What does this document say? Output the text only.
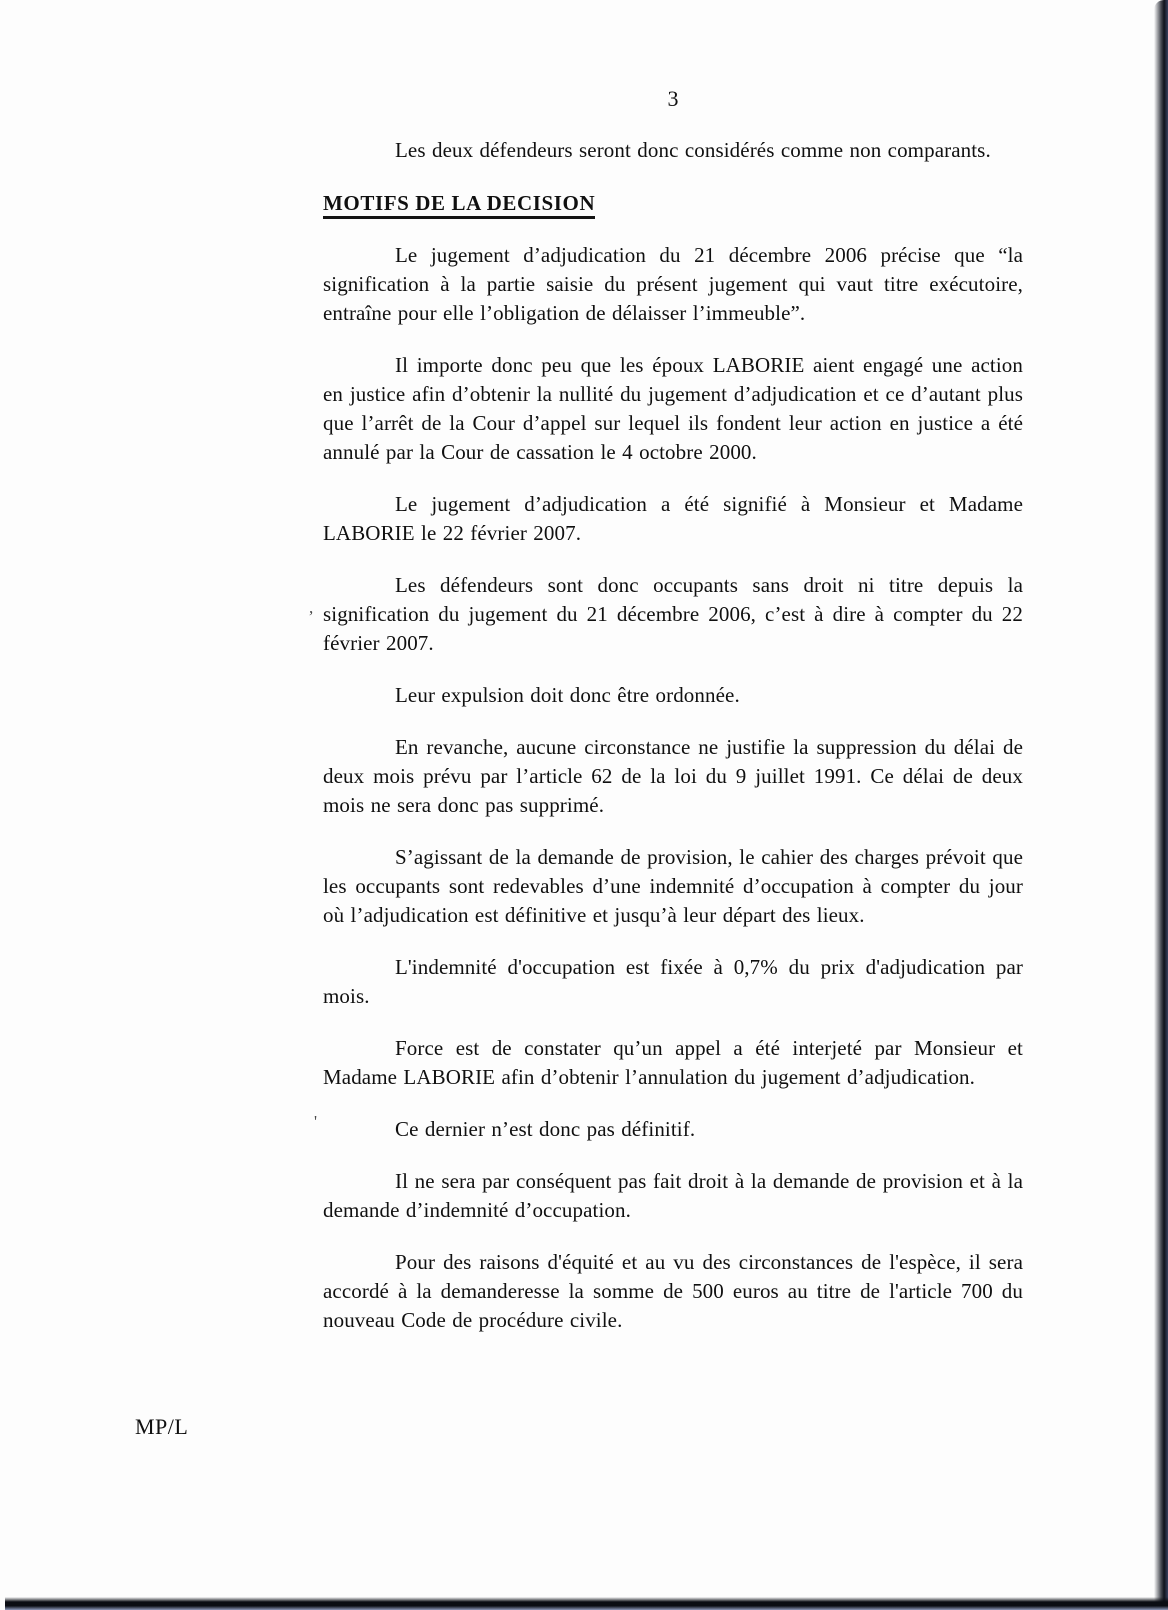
3

Les deux défendeurs seront donc considérés comme non comparants.

MOTIFS DE LA DECISION

Le jugement d’adjudication du 21 décembre 2006 précise que “la signification à la partie saisie du présent jugement qui vaut titre exécutoire, entraîne pour elle l’obligation de délaisser l’immeuble”.

Il importe donc peu que les époux LABORIE aient engagé une action en justice afin d’obtenir la nullité du jugement d’adjudication et ce d’autant plus que l’arrêt de la Cour d’appel sur lequel ils fondent leur action en justice a été annulé par la Cour de cassation le 4 octobre 2000.

Le jugement d’adjudication a été signifié à Monsieur et Madame LABORIE le 22 février 2007.

Les défendeurs sont donc occupants sans droit ni titre depuis la signification du jugement du 21 décembre 2006, c’est à dire à compter du 22 février 2007.

Leur expulsion doit donc être ordonnée.

En revanche, aucune circonstance ne justifie la suppression du délai de deux mois prévu par l’article 62 de la loi du 9 juillet 1991. Ce délai de deux mois ne sera donc pas supprimé.

S’agissant de la demande de provision, le cahier des charges prévoit que les occupants sont redevables d’une indemnité d’occupation à compter du jour où l’adjudication est définitive et jusqu’à leur départ des lieux.

L'indemnité d'occupation est fixée à 0,7% du prix d'adjudication par mois.

Force est de constater qu’un appel a été interjeté par Monsieur et Madame LABORIE afin d’obtenir l’annulation du jugement d’adjudication.

Ce dernier n’est donc pas définitif.

Il ne sera par conséquent pas fait droit à la demande de provision et à la demande d’indemnité d’occupation.

Pour des raisons d'équité et au vu des circonstances de l'espèce, il sera accordé à la demanderesse la somme de 500 euros au titre de l'article 700 du nouveau Code de procédure civile.

MP/L
,
'
